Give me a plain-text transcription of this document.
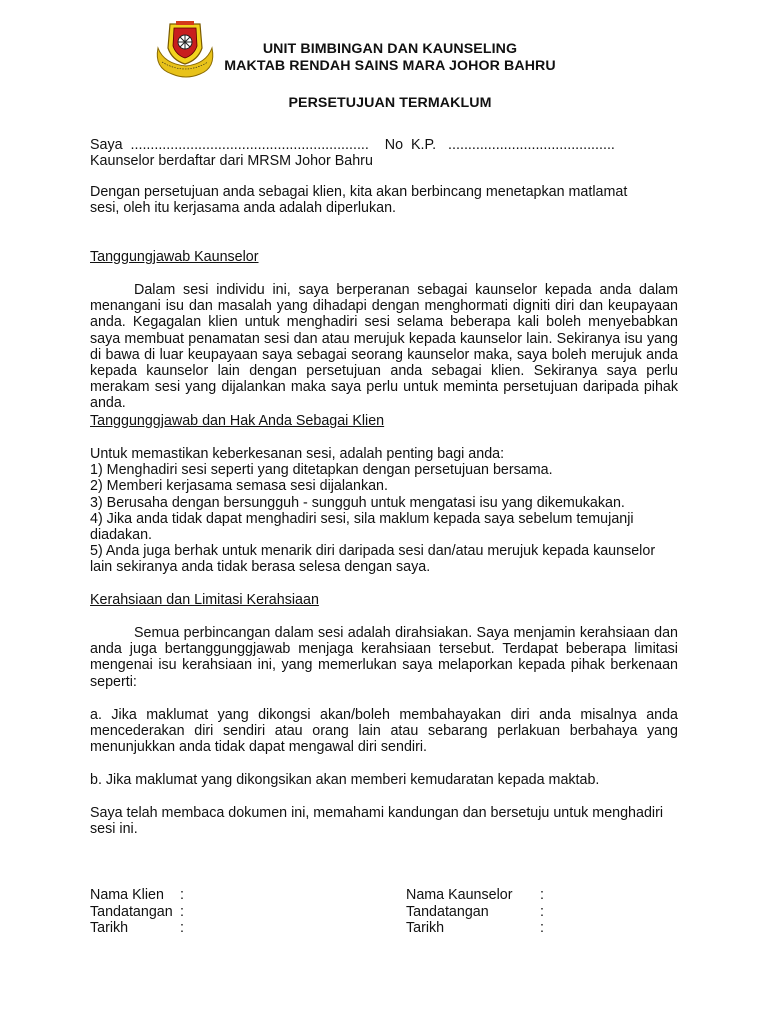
UNIT BIMBINGAN DAN KAUNSELING
MAKTAB RENDAH SAINS MARA JOHOR BAHRU
PERSETUJUAN TERMAKLUM
Saya  ............................................................    No  K.P.   ..........................................
Kaunselor berdaftar dari MRSM Johor Bahru
Dengan persetujuan anda sebagai klien, kita akan berbincang menetapkan matlamat sesi, oleh itu kerjasama anda adalah diperlukan.
Tanggungjawab Kaunselor
Dalam sesi individu ini, saya berperanan sebagai kaunselor kepada anda dalam menangani isu dan masalah yang dihadapi dengan menghormati digniti diri dan keupayaan anda. Kegagalan klien untuk menghadiri sesi selama beberapa kali boleh menyebabkan saya membuat penamatan sesi dan atau merujuk kepada kaunselor lain. Sekiranya isu yang di bawa di luar keupayaan saya sebagai seorang kaunselor maka, saya boleh merujuk anda kepada kaunselor lain dengan persetujuan anda sebagai klien. Sekiranya saya perlu merakam sesi yang dijalankan maka saya perlu untuk meminta persetujuan daripada pihak anda.
Tanggunggjawab dan Hak Anda Sebagai Klien
Untuk memastikan keberkesanan sesi, adalah penting bagi anda:
1) Menghadiri sesi seperti yang ditetapkan dengan persetujuan bersama.
2) Memberi kerjasama semasa sesi dijalankan.
3) Berusaha dengan bersungguh - sungguh untuk mengatasi isu yang dikemukakan.
4) Jika anda tidak dapat menghadiri sesi, sila maklum kepada saya sebelum temujanji diadakan.
5) Anda juga berhak untuk menarik diri daripada sesi dan/atau merujuk kepada kaunselor lain sekiranya anda tidak berasa selesa dengan saya.
Kerahsiaan dan Limitasi Kerahsiaan
Semua perbincangan dalam sesi adalah dirahsiakan. Saya menjamin kerahsiaan dan anda juga bertanggunggjawab menjaga kerahsiaan tersebut. Terdapat beberapa limitasi mengenai isu kerahsiaan ini, yang memerlukan saya melaporkan kepada pihak berkenaan seperti:
a. Jika maklumat yang dikongsi akan/boleh membahayakan diri anda misalnya anda mencederakan diri sendiri atau orang lain atau sebarang perlakuan berbahaya yang menunjukkan anda tidak dapat mengawal diri sendiri.
b. Jika maklumat yang dikongsikan akan memberi kemudaratan kepada maktab.
Saya telah membaca dokumen ini, memahami kandungan dan bersetuju untuk menghadiri sesi ini.
Nama Klien	:
Tandatangan :
Tarikh	:
Nama Kaunselor	:
Tandatangan	:
Tarikh	:
